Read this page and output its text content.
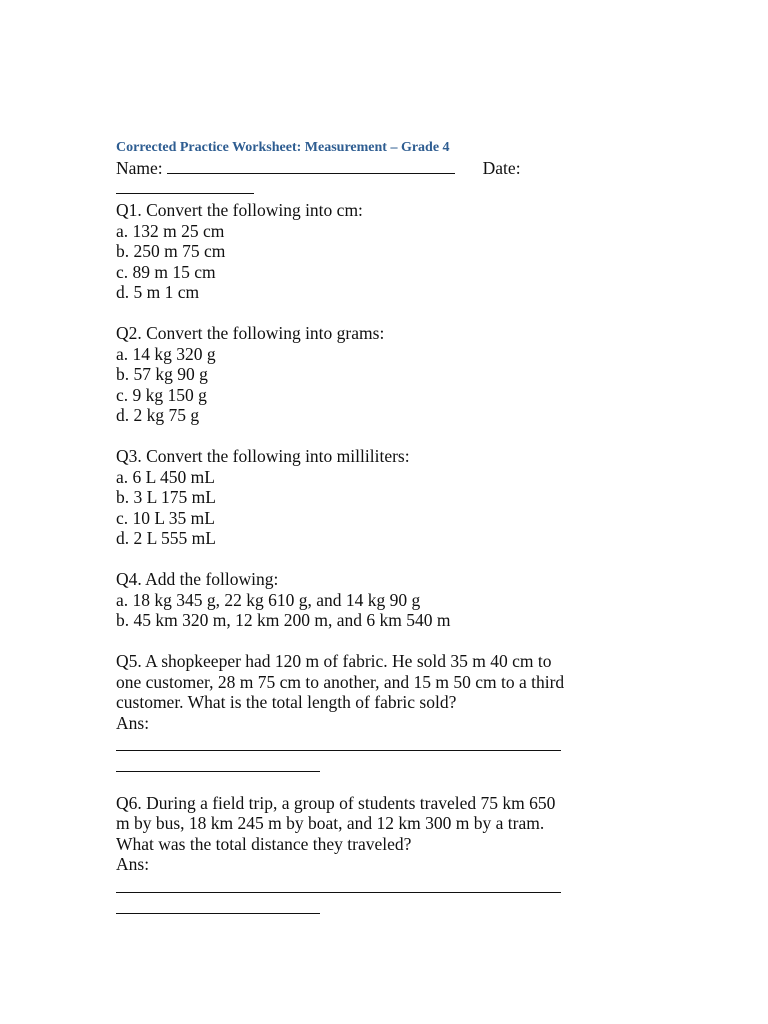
Corrected Practice Worksheet: Measurement – Grade 4

Name:	Date:

Q1. Convert the following into cm:

a. 132 m 25 cm

b. 250 m 75 cm

c. 89 m 15 cm

d. 5 m 1 cm

Q2. Convert the following into grams:

a. 14 kg 320 g

b. 57 kg 90 g

c. 9 kg 150 g

d. 2 kg 75 g

Q3. Convert the following into milliliters:

a. 6 L 450 mL

b. 3 L 175 mL

c. 10 L 35 mL

d. 2 L 555 mL

Q4. Add the following:

a. 18 kg 345 g, 22 kg 610 g, and 14 kg 90 g

b. 45 km 320 m, 12 km 200 m, and 6 km 540 m

Q5. A shopkeeper had 120 m of fabric. He sold 35 m 40 cm to one customer, 28 m 75 cm to another, and 15 m 50 cm to a third customer. What is the total length of fabric sold?

Ans:

Q6. During a field trip, a group of students traveled 75 km 650 m by bus, 18 km 245 m by boat, and 12 km 300 m by a tram. What was the total distance they traveled?

Ans:
